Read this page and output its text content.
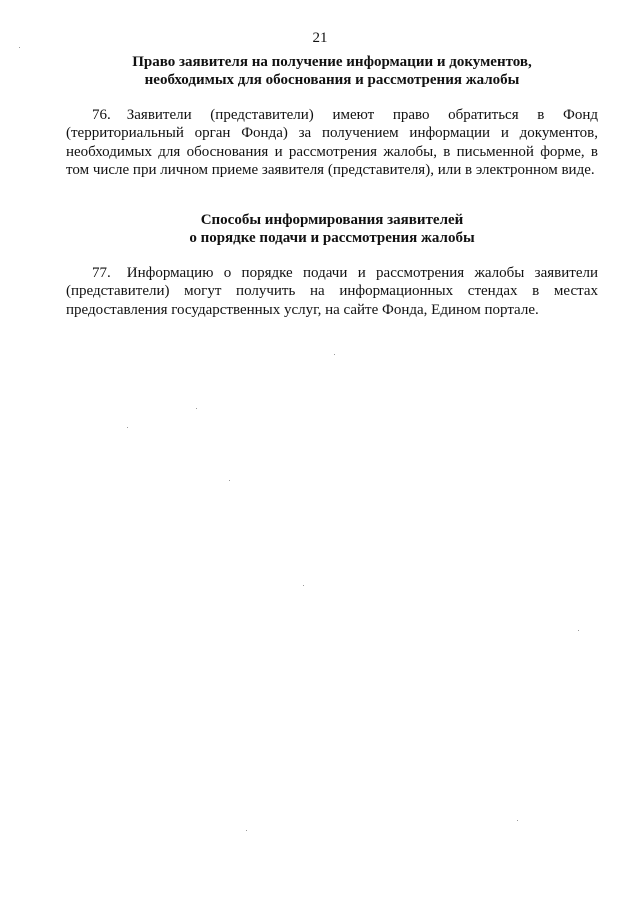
21
Право заявителя на получение информации и документов,
необходимых для обоснования и рассмотрения жалобы
76. Заявители (представители) имеют право обратиться в Фонд (территориальный орган Фонда) за получением информации и документов, необходимых для обоснования и рассмотрения жалобы, в письменной форме, в том числе при личном приеме заявителя (представителя), или в электронном виде.
Способы информирования заявителей
о порядке подачи и рассмотрения жалобы
77. Информацию о порядке подачи и рассмотрения жалобы заявители (представители) могут получить на информационных стендах в местах предоставления государственных услуг, на сайте Фонда, Едином портале.
